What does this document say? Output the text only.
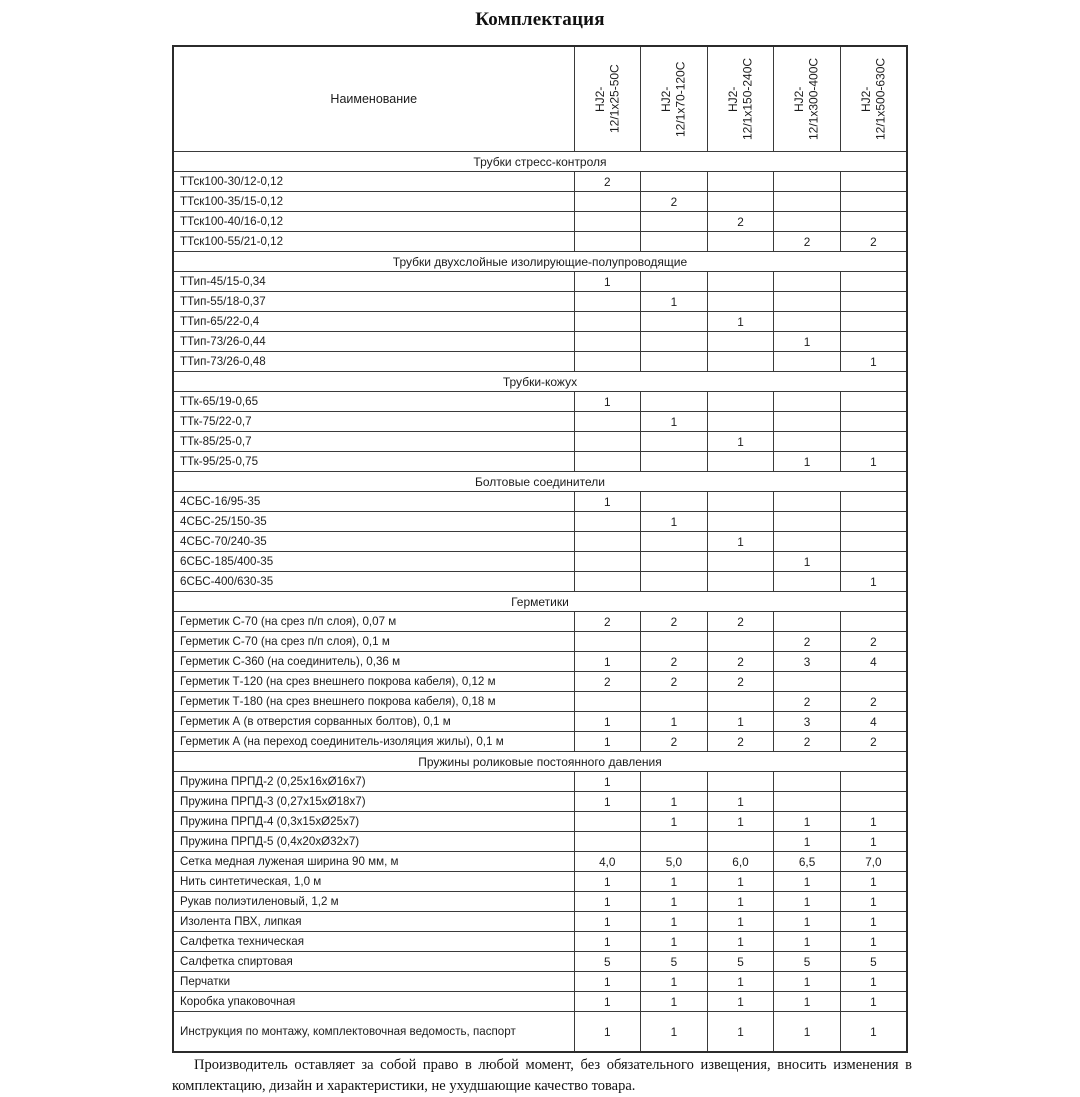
Комплектация
Наименование	HJ2- 12/1x25-50C	HJ2- 12/1x70-120C	HJ2- 12/1x150-240C	HJ2- 12/1x300-400C	HJ2- 12/1x500-630C

Трубки стресс-контроля					
ТТск100-30/12-0,12	2				
ТТск100-35/15-0,12		2			
ТТск100-40/16-0,12			2		
ТТск100-55/21-0,12				2	2
Трубки двухслойные изолирующие-полупроводящие					
ТТип-45/15-0,34	1				
ТТип-55/18-0,37		1			
ТТип-65/22-0,4			1		
ТТип-73/26-0,44				1	
ТТип-73/26-0,48					1
Трубки-кожух					
ТТк-65/19-0,65	1				
ТТк-75/22-0,7		1			
ТТк-85/25-0,7			1		
ТТк-95/25-0,75				1	1
Болтовые соединители					
4СБС-16/95-35	1				
4СБС-25/150-35		1			
4СБС-70/240-35			1		
6СБС-185/400-35				1	
6СБС-400/630-35					1
Герметики					
Герметик С-70 (на срез п/п слоя), 0,07 м	2	2	2		
Герметик С-70 (на срез п/п слоя), 0,1 м				2	2
Герметик С-360 (на соединитель), 0,36 м	1	2	2	3	4
Герметик Т-120 (на срез внешнего покрова кабеля), 0,12 м	2	2	2		
Герметик Т-180 (на срез внешнего покрова кабеля), 0,18 м				2	2
Герметик А (в отверстия сорванных болтов), 0,1 м	1	1	1	3	4
Герметик А (на переход соединитель-изоляция жилы), 0,1 м	1	2	2	2	2
Пружины роликовые постоянного давления					
Пружина ПРПД-2 (0,25x16xØ16x7)	1				
Пружина ПРПД-3 (0,27x15xØ18x7)	1	1	1		
Пружина ПРПД-4 (0,3x15xØ25x7)		1	1	1	1
Пружина ПРПД-5 (0,4x20xØ32x7)				1	1
Сетка медная луженая ширина 90 мм, м	4,0	5,0	6,0	6,5	7,0
Нить синтетическая, 1,0 м	1	1	1	1	1
Рукав полиэтиленовый, 1,2 м	1	1	1	1	1
Изолента ПВХ, липкая	1	1	1	1	1
Салфетка техническая	1	1	1	1	1
Салфетка спиртовая	5	5	5	5	5
Перчатки	1	1	1	1	1
Коробка упаковочная	1	1	1	1	1
Инструкция по монтажу, комплектовочная ведомость, паспорт	1	1	1	1	1

Производитель оставляет за собой право в любой момент, без обязательного извещения, вносить изменения в комплектацию, дизайн и характеристики, не ухудшающие качество товара.
